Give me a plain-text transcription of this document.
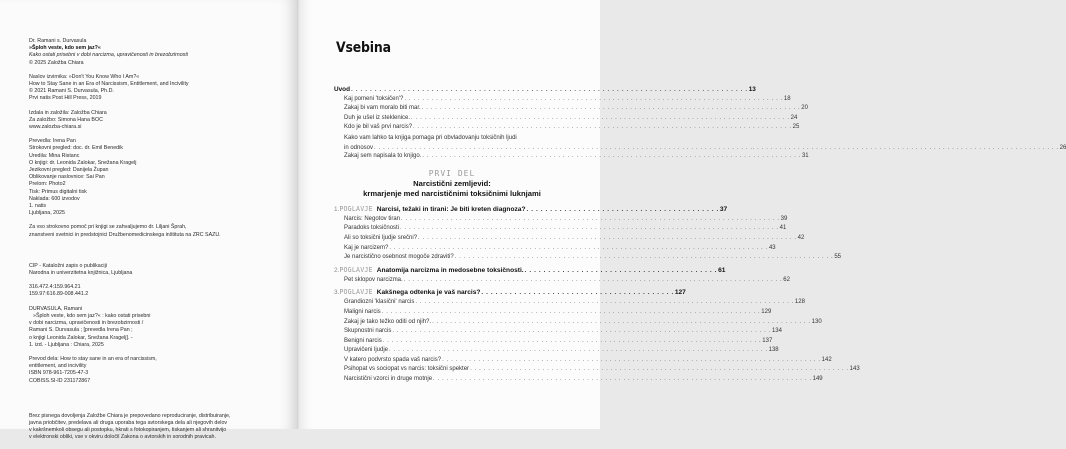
Dr. Ramani s. Durvasula
»Šploh veste, kdo sem jaz?«
Kako ostati prisebni v dobi narcizma, upravičenosti in brezobzirnosti
© 2025 Založba Chiara
Naslov izvirnika: »Don't You Know Who I Am?«
How to Stay Sane in an Era of Narcissism, Entitlement, and Incivility
© 2021 Ramani S. Durvasula, Ph.D.
Prvi natis Post Hill Press, 2019
Izdala in založila: Založba Chiara
Za založbo: Simona Hana BOC
www.zalozba-chiara.si
Prevedla: Irena Pan
Strokovni pregled: doc. dr. Emil Benedik
Uredila: Mina Ristanc
O knjigi: dr. Leonida Zalokar, Snežana Kragelj
Jezikovni pregled: Danijela Župan
Oblikovanje naslovnice: Sai Pan
Prelom: Photo2
Tisk: Primus digitalni tisk
Naklada: 600 izvodov
1. natis
Ljubljana, 2025
Za vso strokovno pomoč pri knjigi se zahvaljujemo dr. Liljani Šprah,
znanstveni svetnici in predstojnici Družbenomedicinskega inštituta na ZRC SAZU.
CIP - Kataložni zapis o publikaciji
Narodna in univerzitetna knjižnica, Ljubljana
316.472.4:159.964.21
159.97:616.89-008.441.2
DURVASULA, Ramani
»Šploh veste, kdo sem jaz?« : kako ostati prisebni
v dobi narcizma, upravičenosti in brezobzirnosti /
Ramani S. Durvasula ; [prevedla Irena Pan ;
o knjigi Leonida Zalokar, Snežana Kragelj]. -
1. izd. - Ljubljana : Chiara, 2025
Prevod dela: How to stay sane in an era of narcissism,
entitlement, and incivility
ISBN 978-961-7205-47-3
COBISS.SI-ID 231172867
Brez pisnega dovoljenja Založbe Chiara je prepovedano reproduciranje, distribuiranje,
javna priobčitev, predelava ali druga uporaba tega avtorskega dela ali njegovih delov
v kakršnemkoli obsegu ali postopku, hkrati s fotokopiranjem, tiskanjem ali shranitvijo
v elektronski obliki, vse v okviru določil Zakona o avtorskih in sorodnih pravicah.
Vsebina
Uvod . . .	13
Kaj pomeni 'toksičen'? . . .	18
Zakaj bi vam moralo biti mar. . . .	20
Duh je ušel iz steklenice. . . .	24
Kdo je bil vaš prvi narcis? . . .	25
Kako vam lahko ta knjiga pomaga pri obvladovanju toksičnih ljudi
in odnosov	. . . . . . . . . . . . . . . . . . . . . . . . . . . . . . . . . . . . . . . . . . . . . . . . . . . . . . . . . . . . . . . . . . . . . . . 26
Zakaj sem napisala to knjigo. . . .	31
PRVI DEL
Narcistični zemljevid:
krmarjenje med narcističnimi toksičnimi luknjami
1. POGLAVJE Narcisi, težaki in tirani: Je biti kreten diagnoza? . . .	37
Narcis: Negotov tiran . . .	39
Paradoks toksičnosti . . .	41
Ali so toksični ljudje srečni? . . .	42
Kaj je narcizem? . . .	43
Je narcistično osebnost mogoče zdraviti? . . .	55
2. POGLAVJE Anatomija narcizma in medosebne toksičnosti. . . .	61
Pet sklopov narcizma. . . .	62
3. POGLAVJE Kakšnega odtenka je vaš narcis? . . .	127
Grandiozni 'klasični' narcis . . .	128
Maligni narcis . . .	129
Zakaj je tako težko oditi od njih?. . . .	130
Skupnostni narcis . . .	134
Benigni narcis . . .	137
Upravičeni ljudje . . .	138
V katero podvrsto spada vaš narcis? . . .	142
Psihopat vs sociopat vs narcis: toksični spekter . . .	143
Narcistični vzorci in druge motnje . . .	149
